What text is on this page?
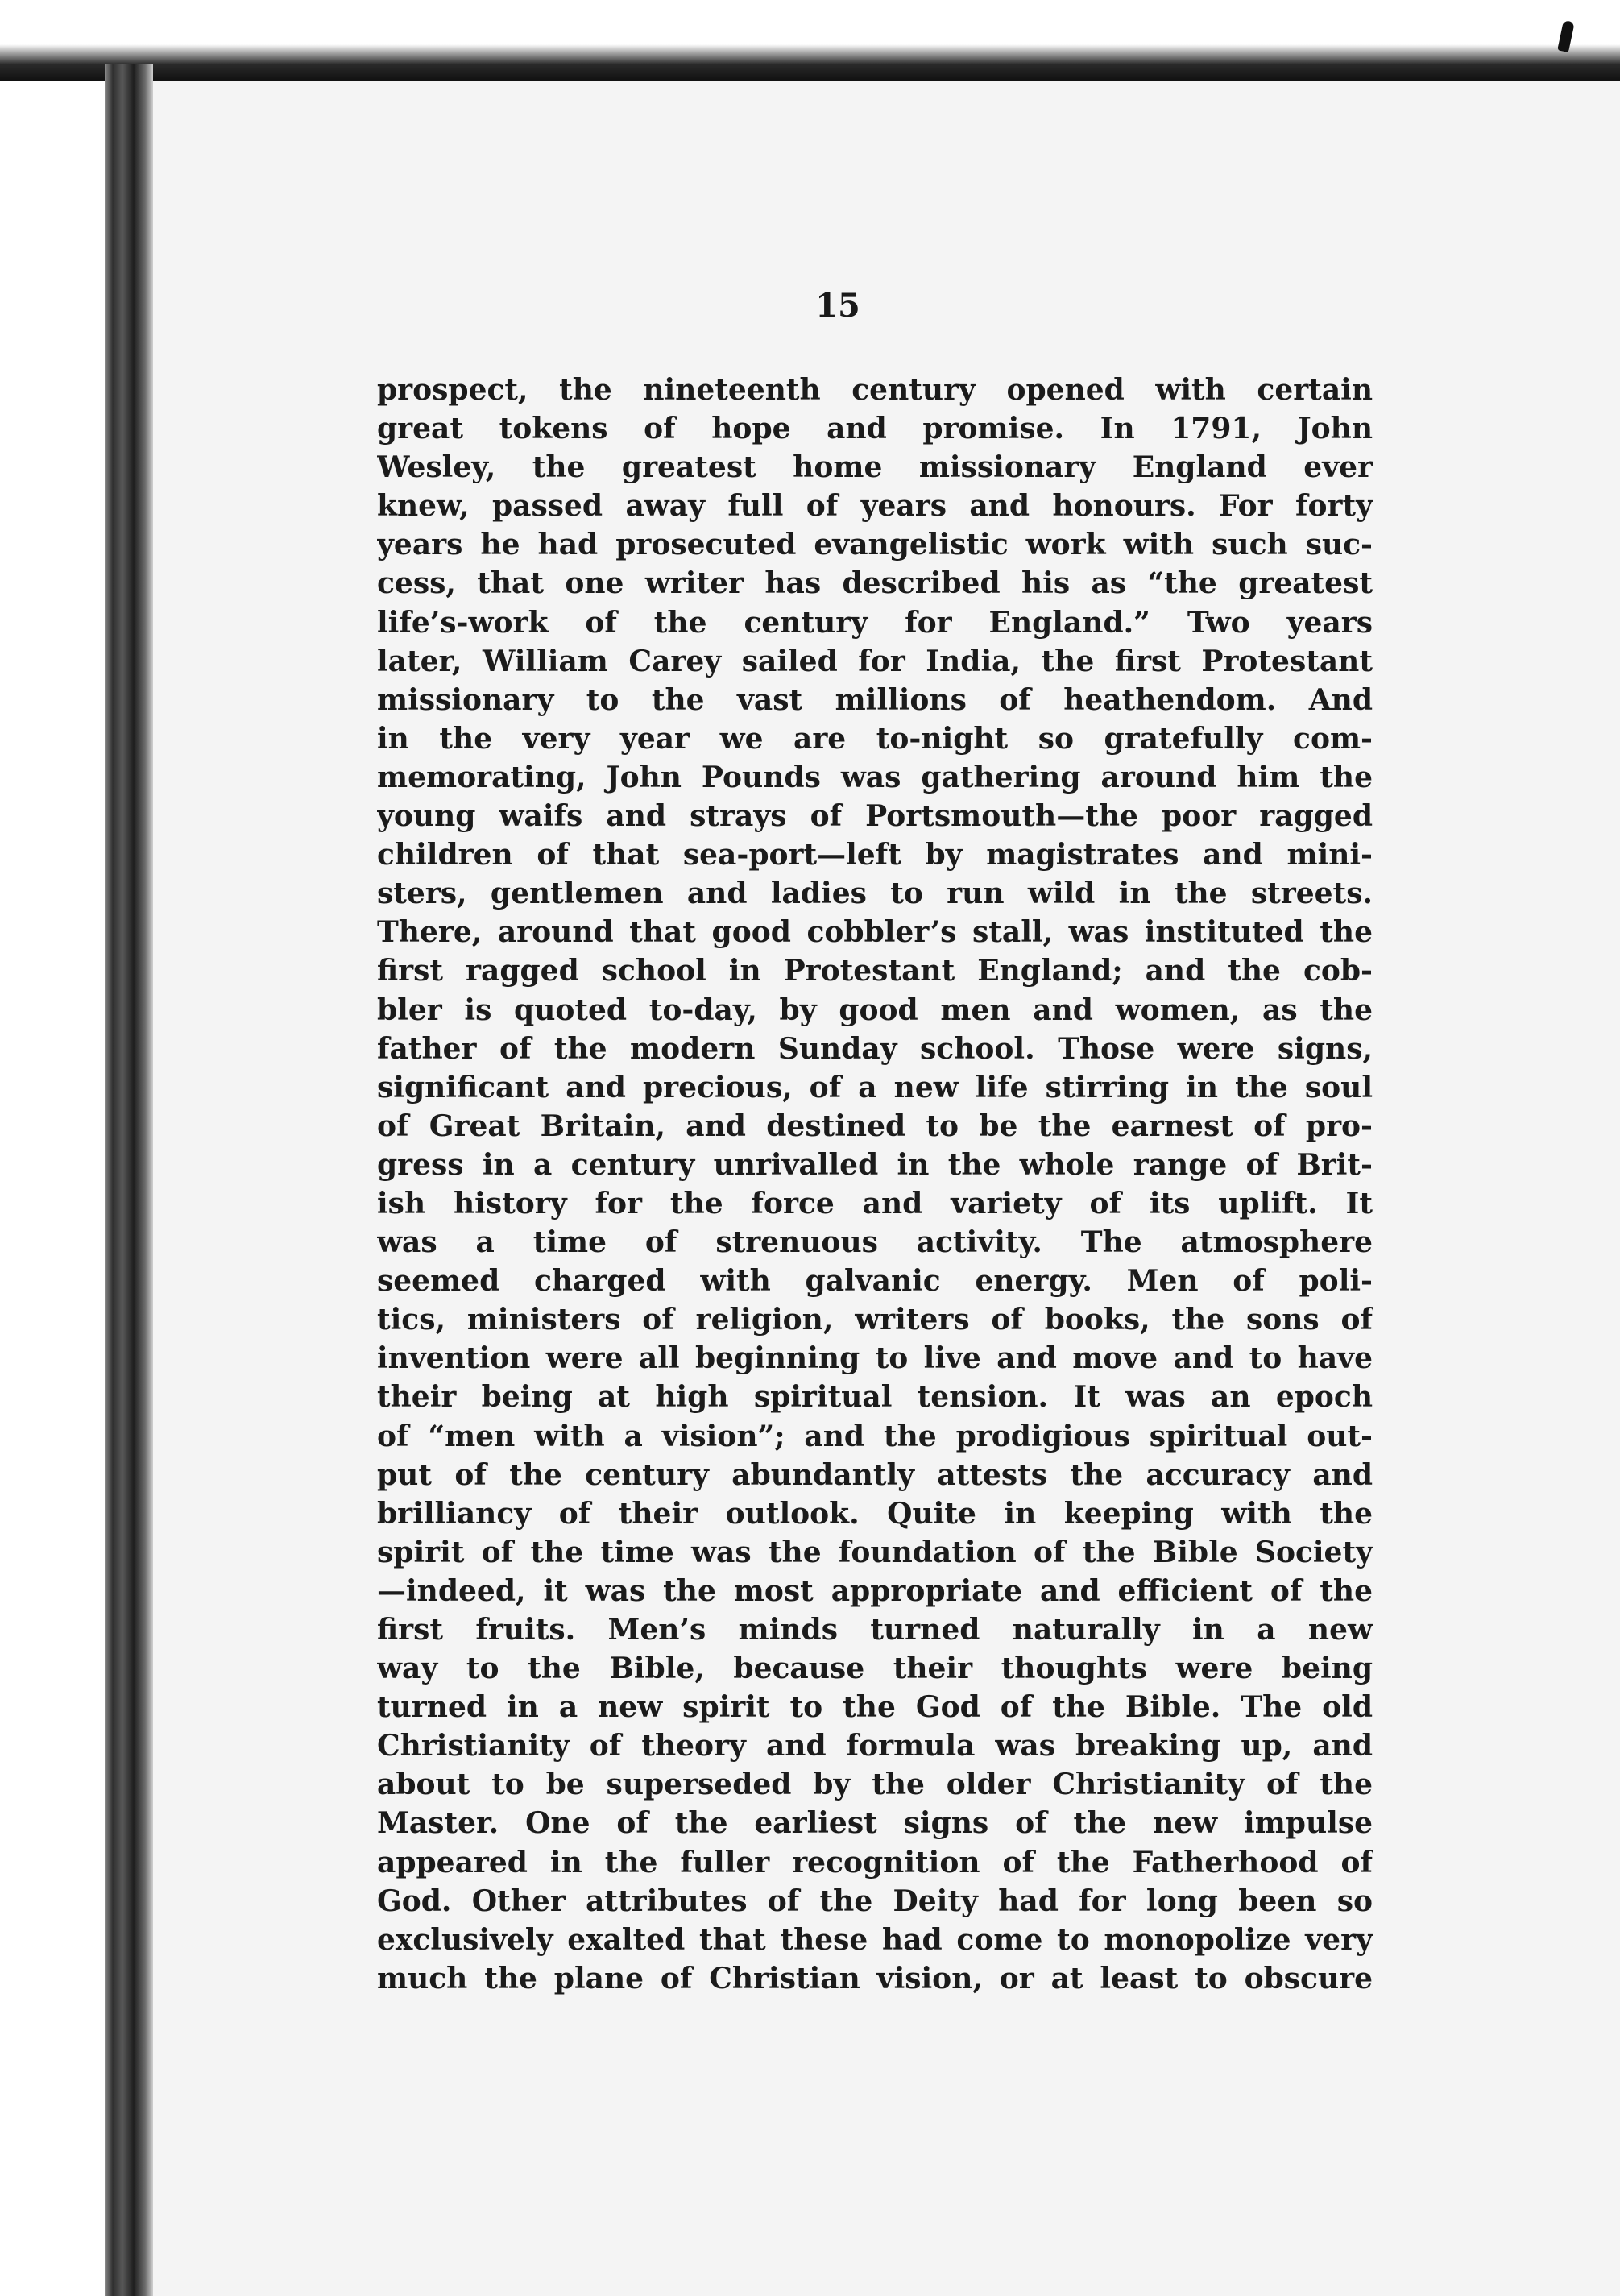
15
prospect, the nineteenth century opened with certain
great tokens of hope and promise. In 1791, John
Wesley, the greatest home missionary England ever
knew, passed away full of years and honours. For forty
years he had prosecuted evangelistic work with such suc-
cess, that one writer has described his as “the greatest
life’s-work of the century for England.” Two years
later, William Carey sailed for India, the first Protestant
missionary to the vast millions of heathendom. And
in the very year we are to-night so gratefully com-
memorating, John Pounds was gathering around him the
young waifs and strays of Portsmouth—the poor ragged
children of that sea-port—left by magistrates and mini-
sters, gentlemen and ladies to run wild in the streets.
There, around that good cobbler’s stall, was instituted the
first ragged school in Protestant England; and the cob-
bler is quoted to-day, by good men and women, as the
father of the modern Sunday school. Those were signs,
significant and precious, of a new life stirring in the soul
of Great Britain, and destined to be the earnest of pro-
gress in a century unrivalled in the whole range of Brit-
ish history for the force and variety of its uplift. It
was a time of strenuous activity. The atmosphere
seemed charged with galvanic energy. Men of poli-
tics, ministers of religion, writers of books, the sons of
invention were all beginning to live and move and to have
their being at high spiritual tension. It was an epoch
of “men with a vision”; and the prodigious spiritual out-
put of the century abundantly attests the accuracy and
brilliancy of their outlook. Quite in keeping with the
spirit of the time was the foundation of the Bible Society
—indeed, it was the most appropriate and efficient of the
first fruits. Men’s minds turned naturally in a new
way to the Bible, because their thoughts were being
turned in a new spirit to the God of the Bible. The old
Christianity of theory and formula was breaking up, and
about to be superseded by the older Christianity of the
Master. One of the earliest signs of the new impulse
appeared in the fuller recognition of the Fatherhood of
God. Other attributes of the Deity had for long been so
exclusively exalted that these had come to monopolize very
much the plane of Christian vision, or at least to obscure
